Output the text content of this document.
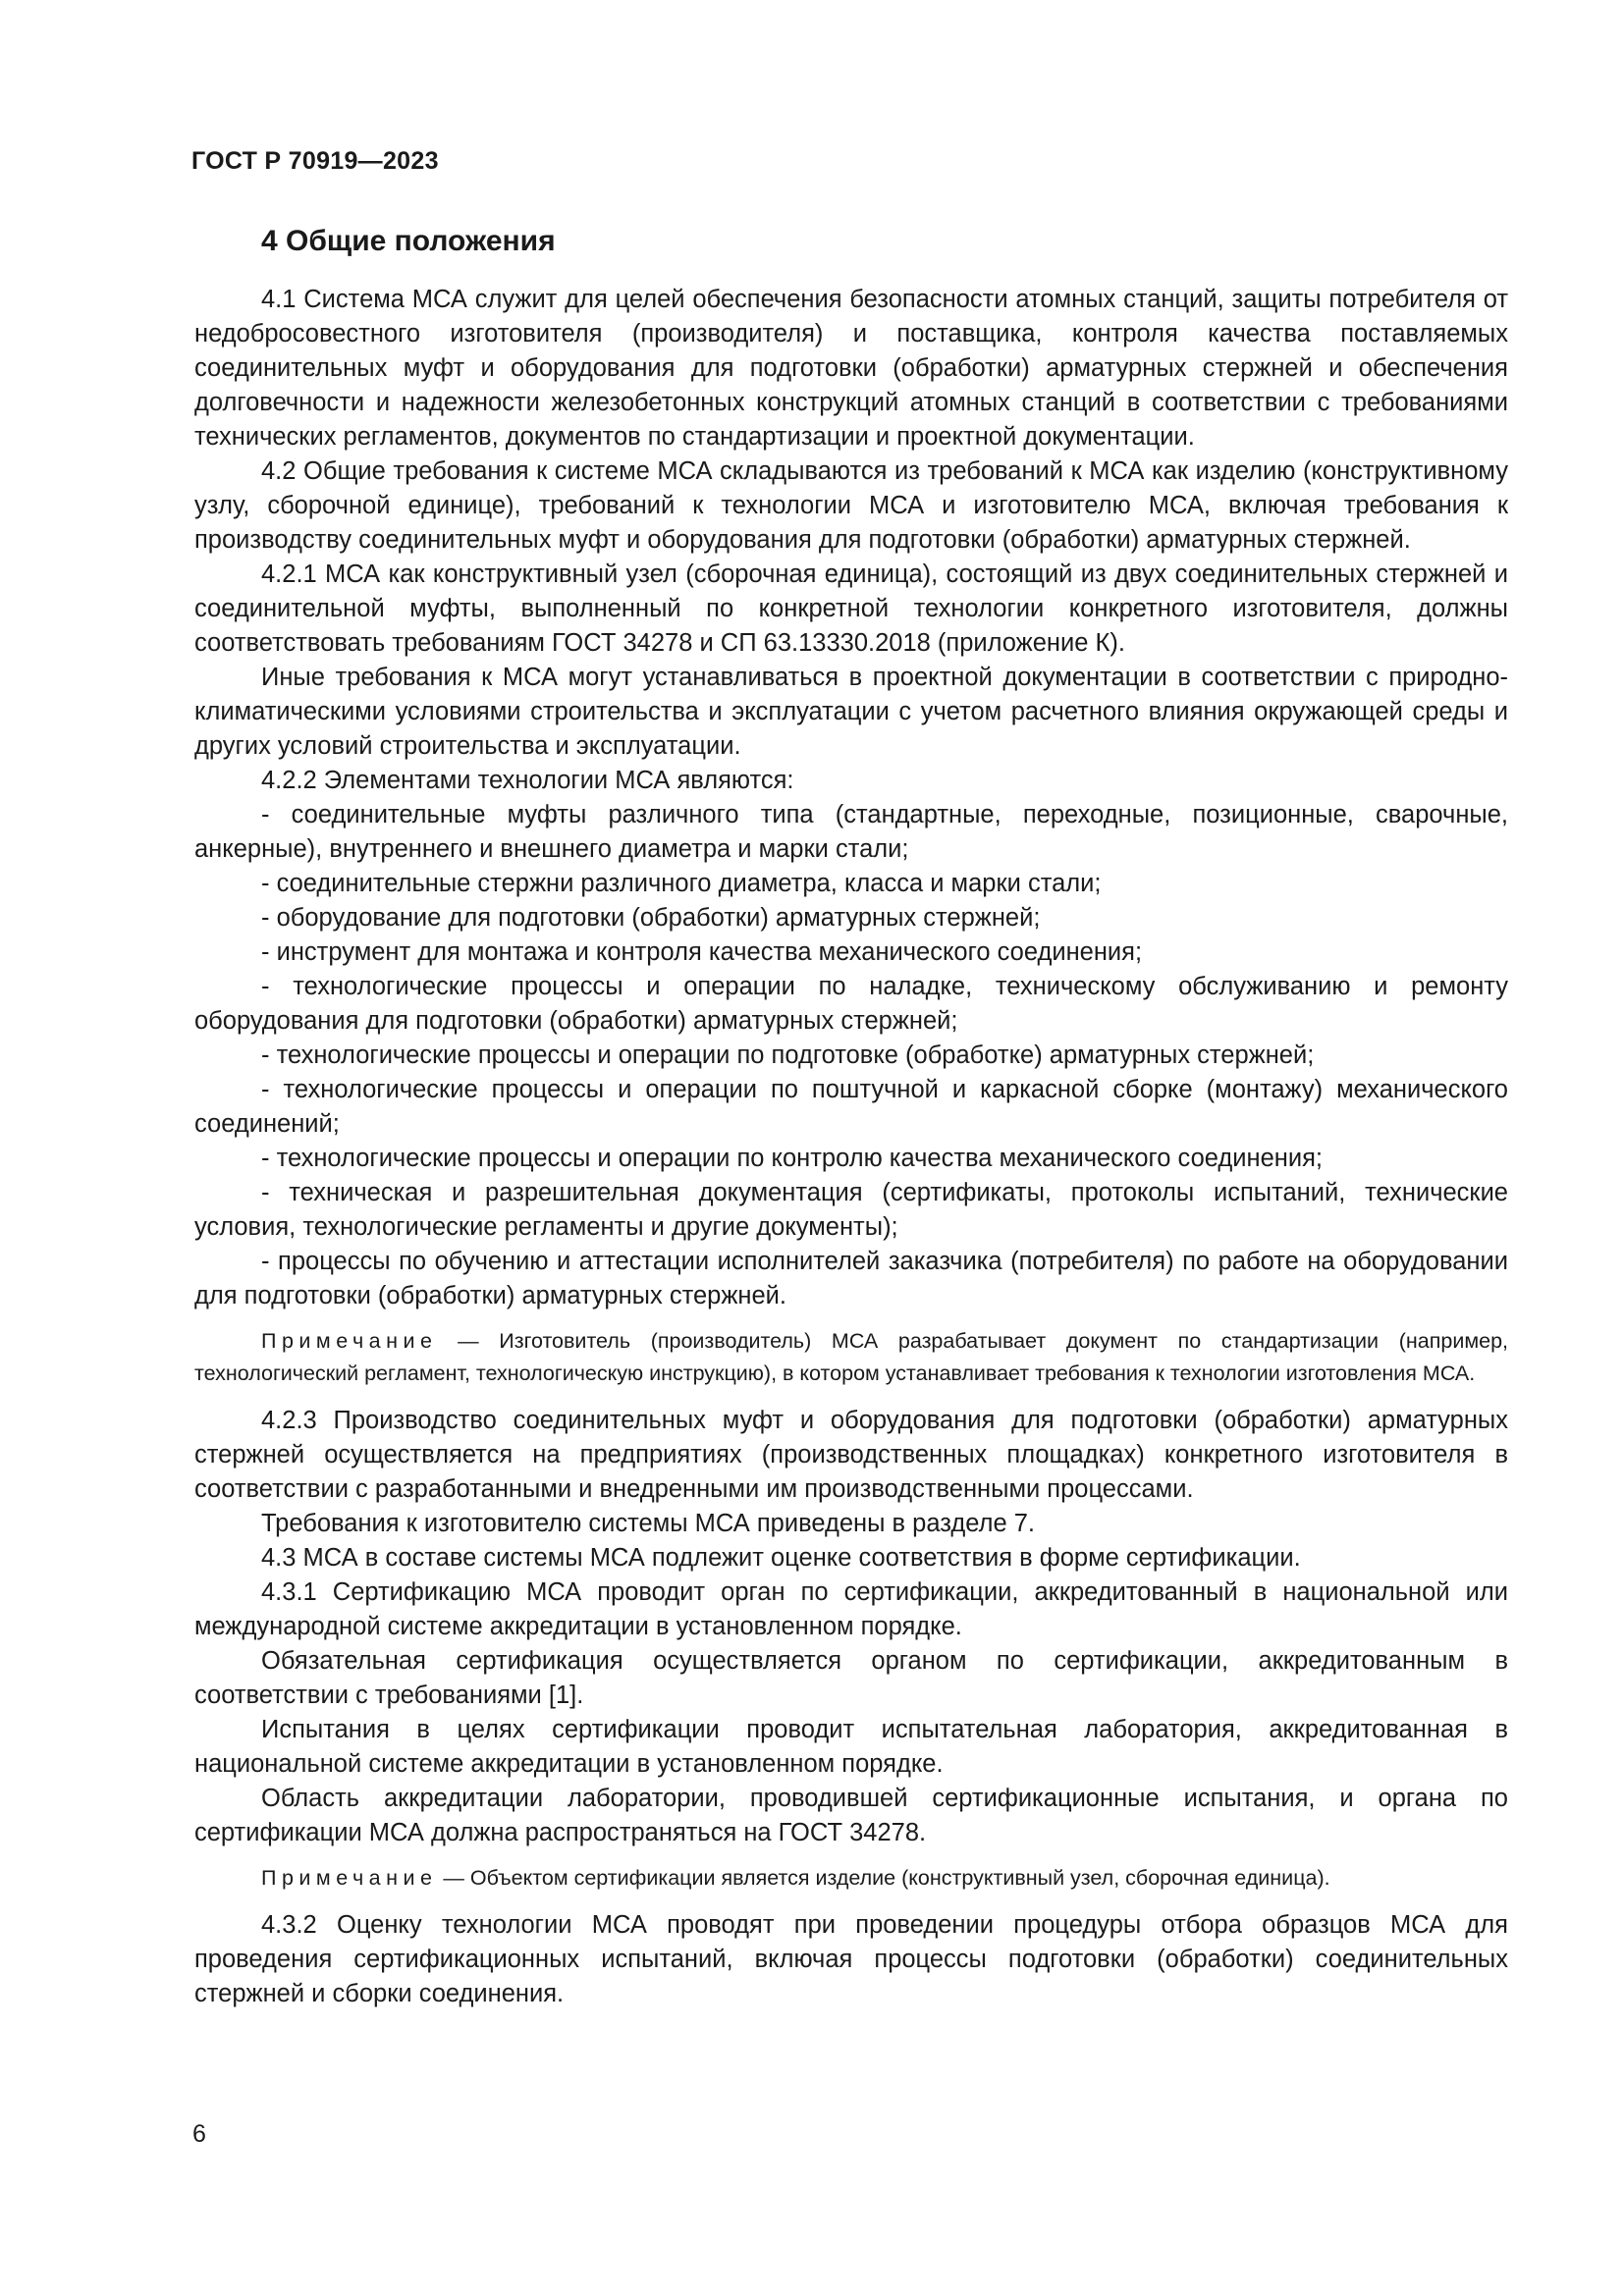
ГОСТ Р 70919—2023
4 Общие положения

4.1 Система МСА служит для целей обеспечения безопасности атомных станций, защиты потребителя от недобросовестного изготовителя (производителя) и поставщика, контроля качества поставляемых соединительных муфт и оборудования для подготовки (обработки) арматурных стержней и обеспечения долговечности и надежности железобетонных конструкций атомных станций в соответствии с требованиями технических регламентов, документов по стандартизации и проектной документации.

4.2 Общие требования к системе МСА складываются из требований к МСА как изделию (конструктивному узлу, сборочной единице), требований к технологии МСА и изготовителю МСА, включая требования к производству соединительных муфт и оборудования для подготовки (обработки) арматурных стержней.

4.2.1 МСА как конструктивный узел (сборочная единица), состоящий из двух соединительных стержней и соединительной муфты, выполненный по конкретной технологии конкретного изготовителя, должны соответствовать требованиям ГОСТ 34278 и СП 63.13330.2018 (приложение К).

Иные требования к МСА могут устанавливаться в проектной документации в соответствии с природно-климатическими условиями строительства и эксплуатации с учетом расчетного влияния окружающей среды и других условий строительства и эксплуатации.

4.2.2 Элементами технологии МСА являются:

- соединительные муфты различного типа (стандартные, переходные, позиционные, сварочные, анкерные), внутреннего и внешнего диаметра и марки стали;

- соединительные стержни различного диаметра, класса и марки стали;

- оборудование для подготовки (обработки) арматурных стержней;

- инструмент для монтажа и контроля качества механического соединения;

- технологические процессы и операции по наладке, техническому обслуживанию и ремонту оборудования для подготовки (обработки) арматурных стержней;

- технологические процессы и операции по подготовке (обработке) арматурных стержней;

- технологические процессы и операции по поштучной и каркасной сборке (монтажу) механического соединений;

- технологические процессы и операции по контролю качества механического соединения;

- техническая и разрешительная документация (сертификаты, протоколы испытаний, технические условия, технологические регламенты и другие документы);

- процессы по обучению и аттестации исполнителей заказчика (потребителя) по работе на оборудовании для подготовки (обработки) арматурных стержней.

Примечание — Изготовитель (производитель) МСА разрабатывает документ по стандартизации (например, технологический регламент, технологическую инструкцию), в котором устанавливает требования к технологии изготовления МСА.

4.2.3 Производство соединительных муфт и оборудования для подготовки (обработки) арматурных стержней осуществляется на предприятиях (производственных площадках) конкретного изготовителя в соответствии с разработанными и внедренными им производственными процессами.

Требования к изготовителю системы МСА приведены в разделе 7.

4.3 МСА в составе системы МСА подлежит оценке соответствия в форме сертификации.

4.3.1 Сертификацию МСА проводит орган по сертификации, аккредитованный в национальной или международной системе аккредитации в установленном порядке.

Обязательная сертификация осуществляется органом по сертификации, аккредитованным в соответствии с требованиями [1].

Испытания в целях сертификации проводит испытательная лаборатория, аккредитованная в национальной системе аккредитации в установленном порядке.

Область аккредитации лаборатории, проводившей сертификационные испытания, и органа по сертификации МСА должна распространяться на ГОСТ 34278.

Примечание — Объектом сертификации является изделие (конструктивный узел, сборочная единица).

4.3.2 Оценку технологии МСА проводят при проведении процедуры отбора образцов МСА для проведения сертификационных испытаний, включая процессы подготовки (обработки) соединительных стержней и сборки соединения.

6
